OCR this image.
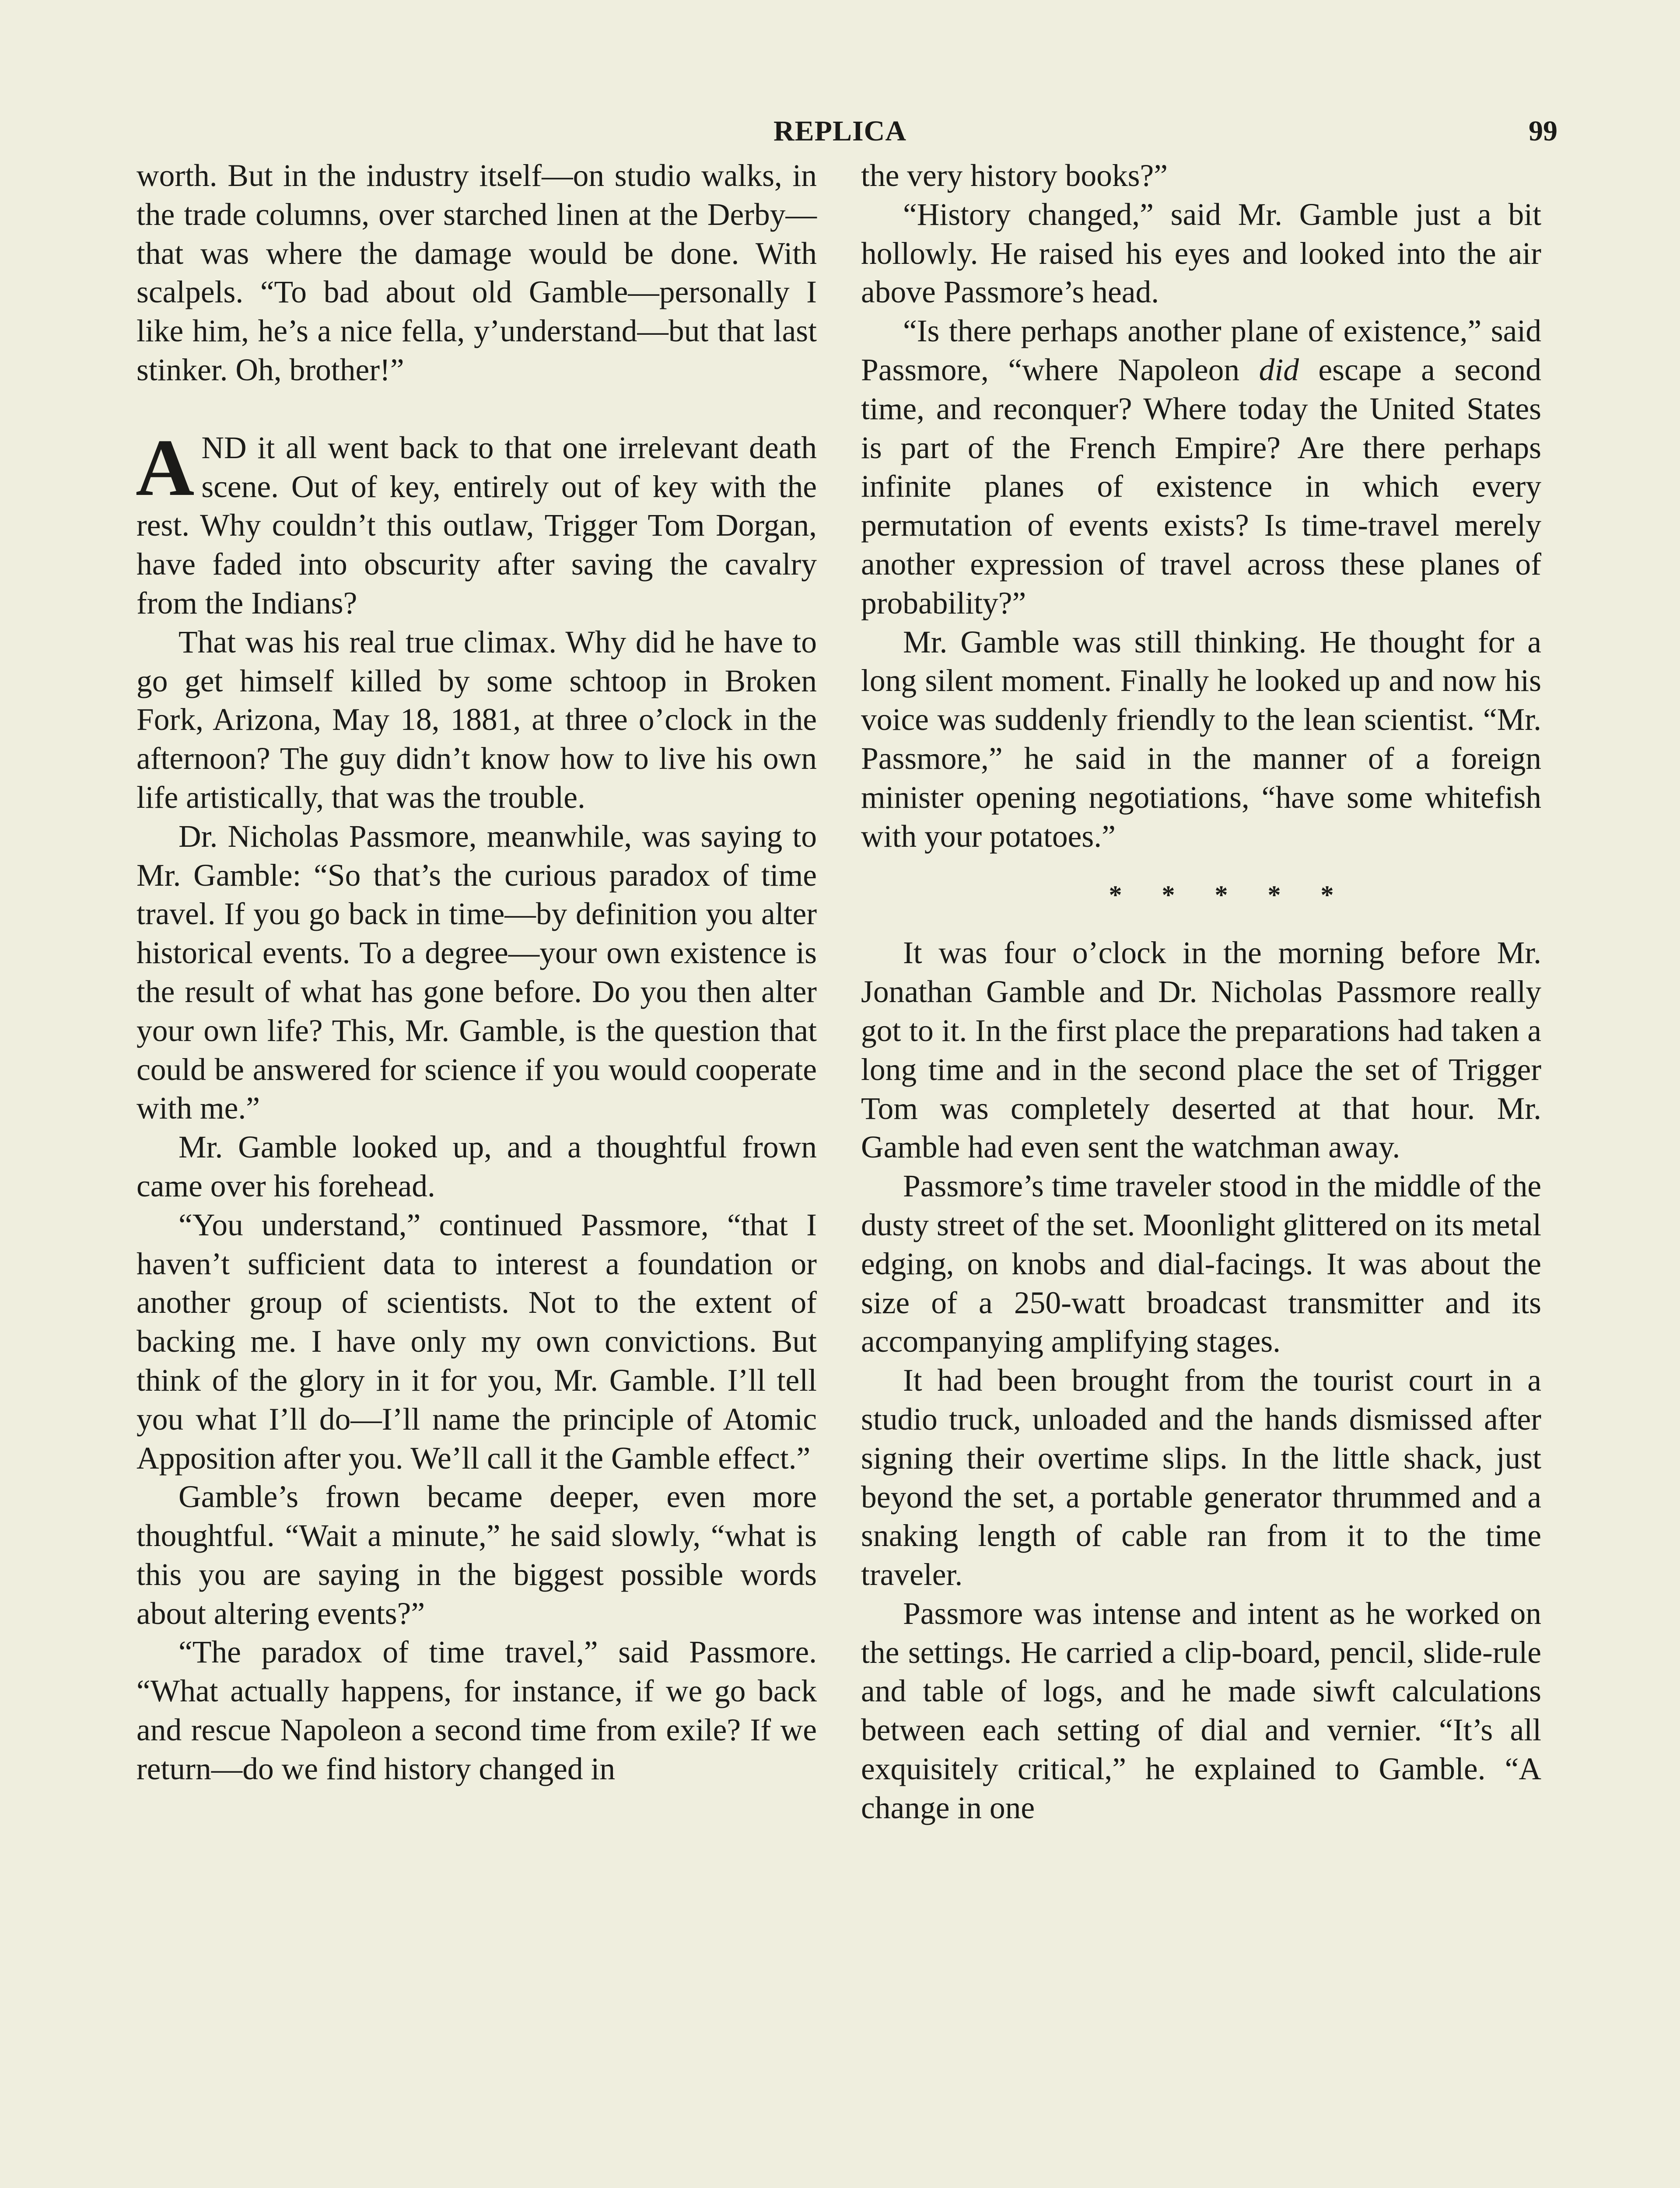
REPLICA	99

worth. But in the industry itself—on studio walks, in the trade columns, over starched linen at the Derby—that was where the damage would be done. With scalpels. “To bad about old Gamble—personally I like him, he’s a nice fella, y’understand—but that last stinker. Oh, brother!”

AND it all went back to that one irrelevant death scene. Out of key, entirely out of key with the rest. Why couldn’t this outlaw, Trigger Tom Dorgan, have faded into obscurity after saving the cavalry from the Indians?

That was his real true climax. Why did he have to go get himself killed by some schtoop in Broken Fork, Arizona, May 18, 1881, at three o’clock in the afternoon? The guy didn’t know how to live his own life artistically, that was the trouble.

Dr. Nicholas Passmore, meanwhile, was saying to Mr. Gamble: “So that’s the curious paradox of time travel. If you go back in time—by definition you alter historical events. To a degree—your own existence is the result of what has gone before. Do you then alter your own life? This, Mr. Gamble, is the question that could be answered for science if you would cooperate with me.”

Mr. Gamble looked up, and a thoughtful frown came over his forehead.

“You understand,” continued Passmore, “that I haven’t sufficient data to interest a foundation or another group of scientists. Not to the extent of backing me. I have only my own convictions. But think of the glory in it for you, Mr. Gamble. I’ll tell you what I’ll do—I’ll name the principle of Atomic Apposition after you. We’ll call it the Gamble effect.”

Gamble’s frown became deeper, even more thoughtful. “Wait a minute,” he said slowly, “what is this you are saying in the biggest possible words about altering events?”

“The paradox of time travel,” said Passmore. “What actually happens, for instance, if we go back and rescue Napoleon a second time from exile? If we return—do we find history changed in

the very history books?”

“History changed,” said Mr. Gamble just a bit hollowly. He raised his eyes and looked into the air above Passmore’s head.

“Is there perhaps another plane of existence,” said Passmore, “where Napoleon did escape a second time, and reconquer? Where today the United States is part of the French Empire? Are there perhaps infinite planes of existence in which every permutation of events exists? Is time-travel merely another expression of travel across these planes of probability?”

Mr. Gamble was still thinking. He thought for a long silent moment. Finally he looked up and now his voice was suddenly friendly to the lean scientist. “Mr. Passmore,” he said in the manner of a foreign minister opening negotiations, “have some whitefish with your potatoes.”

* * * * *

It was four o’clock in the morning before Mr. Jonathan Gamble and Dr. Nicholas Passmore really got to it. In the first place the preparations had taken a long time and in the second place the set of Trigger Tom was completely deserted at that hour. Mr. Gamble had even sent the watchman away.

Passmore’s time traveler stood in the middle of the dusty street of the set. Moonlight glittered on its metal edging, on knobs and dial-facings. It was about the size of a 250-watt broadcast transmitter and its accompanying amplifying stages.

It had been brought from the tourist court in a studio truck, unloaded and the hands dismissed after signing their overtime slips. In the little shack, just beyond the set, a portable generator thrummed and a snaking length of cable ran from it to the time traveler.

Passmore was intense and intent as he worked on the settings. He carried a clip-board, pencil, slide-rule and table of logs, and he made siwft calculations between each setting of dial and vernier. “It’s all exquisitely critical,” he explained to Gamble. “A change in one
